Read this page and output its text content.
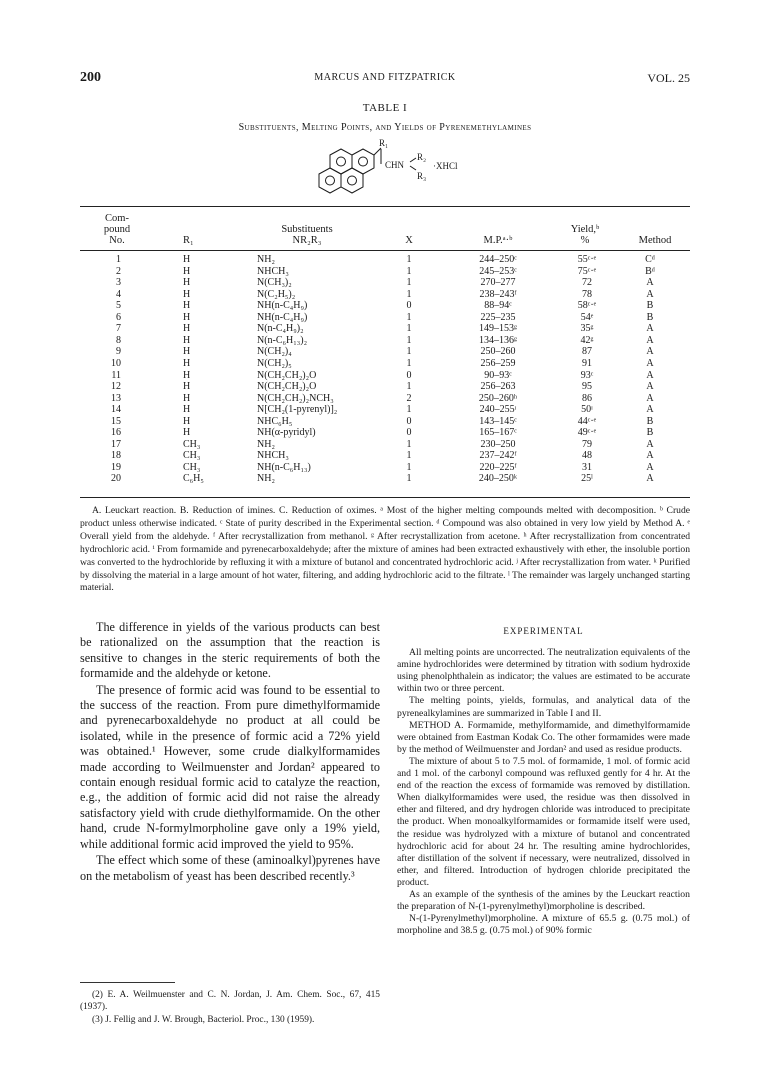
200	MARCUS AND FITZPATRICK	VOL. 25
TABLE I
Substituents, Melting Points, and Yields of Pyrenemethylamines
R₁
CHN
R₂
R₃
·XHCl
Com-
pound
No.	R₁
Substituents
NR₂R₃	X	M.P.ᵃ·ᵇ
Yield,ᵇ
%	Method
1	H	NH₂	1	244–250ᶜ	55ᶜ·ᵉ	Cᵈ
2	H	NHCH₃	1	245–253ᶜ	75ᶜ·ᵉ	Bᵈ
3	H	N(CH₃)₂	1	270–277	72	A
4	H	N(C₂H₅)₂	1	238–243ᶠ	78	A
5	H	NH(n-C₄H₉)	0	88–94ᶜ	58ᶜ·ᵉ	B
6	H	NH(n-C₄H₉)	1	225–235	54ᵉ	B
7	H	N(n-C₄H₉)₂	1	149–153ᵍ	35ᵍ	A
8	H	N(n-C₆H₁₃)₂	1	134–136ᵍ	42ᵍ	A
9	H	N(CH₂)₄	1	250–260	87	A
10	H	N(CH₂)₅	1	256–259	91	A
11	H	N(CH₂CH₂)₂O	0	90–93ᶜ	93ᶜ	A
12	H	N(CH₂CH₂)₂O	1	256–263	95	A
13	H	N(CH₂CH₂)₂NCH₃	2	250–260ʰ	86	A
14	H	N[CH₂(1-pyrenyl)]₂	1	240–255ᶦ	50ᶦ	A
15	H	NHC₆H₅	0	143–145ᶜ	44ᶜ·ᵉ	B
16	H	NH(α-pyridyl)	0	165–167ᶜ	49ᶜ·ᵉ	B
17	CH₃	NH₂	1	230–250	79	A
18	CH₃	NHCH₃	1	237–242ᶠ	48	A
19	CH₃	NH(n-C₆H₁₃)	1	220–225ᶠ	31	A
20	C₆H₅	NH₂	1	240–250ᵏ	25ˡ	A

A. Leuckart reaction. B. Reduction of imines. C. Reduction of oximes. ᵃ Most of the higher melting compounds melted with decomposition. ᵇ Crude product unless otherwise indicated. ᶜ State of purity described in the Experimental section. ᵈ Compound was also obtained in very low yield by Method A. ᵉ Overall yield from the aldehyde. ᶠ After recrystallization from methanol. ᵍ After recrystallization from acetone. ʰ After recrystallization from concentrated hydrochloric acid. ⁱ From formamide and pyrenecarboxaldehyde; after the mixture of amines had been extracted exhaustively with ether, the insoluble portion was converted to the hydrochloride by refluxing it with a mixture of butanol and concentrated hydrochloric acid. ʲ After recrystallization from water. ᵏ Purified by dissolving the material in a large amount of hot water, filtering, and adding hydrochloric acid to the filtrate. ˡ The remainder was largely unchanged starting material.

The difference in yields of the various products can best be rationalized on the assumption that the reaction is sensitive to changes in the steric requirements of both the formamide and the aldehyde or ketone.

The presence of formic acid was found to be essential to the success of the reaction. From pure dimethylformamide and pyrenecarboxaldehyde no product at all could be isolated, while in the presence of formic acid a 72% yield was obtained.¹ However, some crude dialkylformamides made according to Weilmuenster and Jordan² appeared to contain enough residual formic acid to catalyze the reaction, e.g., the addition of formic acid did not raise the already satisfactory yield with crude diethylformamide. On the other hand, crude N-formylmorpholine gave only a 19% yield, while additional formic acid improved the yield to 95%.

The effect which some of these (aminoalkyl)pyrenes have on the metabolism of yeast has been described recently.³

(2) E. A. Weilmuenster and C. N. Jordan, J. Am. Chem. Soc., 67, 415 (1937).

(3) J. Fellig and J. W. Brough, Bacteriol. Proc., 130 (1959).

EXPERIMENTAL

All melting points are uncorrected. The neutralization equivalents of the amine hydrochlorides were determined by titration with sodium hydroxide using phenolphthalein as indicator; the values are estimated to be accurate within two or three percent.

The melting points, yields, formulas, and analytical data of the pyrenealkylamines are summarized in Table I and II.

METHOD A. Formamide, methylformamide, and dimethylformamide were obtained from Eastman Kodak Co. The other formamides were made by the method of Weilmuenster and Jordan² and used as residue products.

The mixture of about 5 to 7.5 mol. of formamide, 1 mol. of formic acid and 1 mol. of the carbonyl compound was refluxed gently for 4 hr. At the end of the reaction the excess of formamide was removed by distillation. When dialkylformamides were used, the residue was then dissolved in ether and filtered, and dry hydrogen chloride was introduced to precipitate the product. When monoalkylformamides or formamide itself were used, the residue was hydrolyzed with a mixture of butanol and concentrated hydrochloric acid for about 24 hr. The resulting amine hydrochlorides, after distillation of the solvent if necessary, were neutralized, dissolved in ether, and filtered. Introduction of hydrogen chloride precipitated the product.

As an example of the synthesis of the amines by the Leuckart reaction the preparation of N-(1-pyrenylmethyl)morpholine is described.

N-(1-Pyrenylmethyl)morpholine. A mixture of 65.5 g. (0.75 mol.) of morpholine and 38.5 g. (0.75 mol.) of 90% formic
